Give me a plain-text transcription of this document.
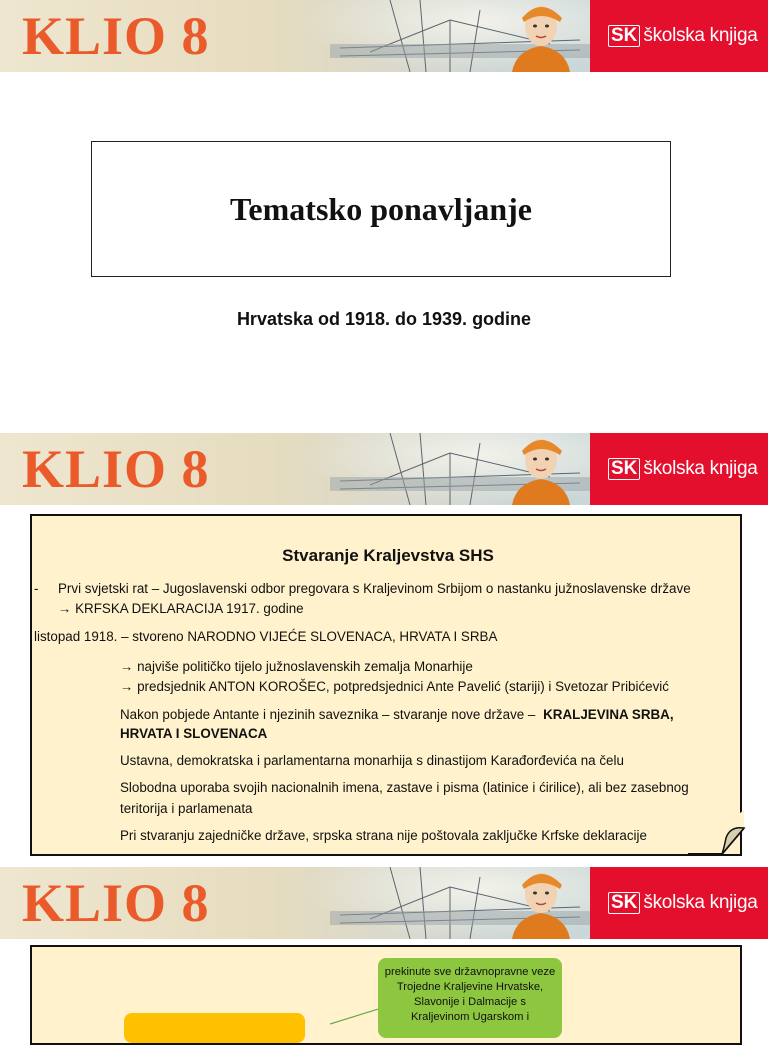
KLIO 8	SK školska knjiga
Tematsko ponavljanje
Hrvatska od 1918. do 1939. godine
KLIO 8	SK školska knjiga
Stvaranje Kraljevstva SHS
- Prvi svjetski rat – Jugoslavenski odbor pregovara s Kraljevinom Srbijom o nastanku južnoslavenske države
→ KRFSKA DEKLARACIJA 1917. godine
listopad 1918. – stvoreno NARODNO VIJEĆE SLOVENACA, HRVATA I SRBA
→ najviše političko tijelo južnoslavenskih zemalja Monarhije
→ predsjednik ANTON KOROŠEC, potpredsjednici Ante Pavelić (stariji) i Svetozar Pribićević
Nakon pobjede Antante i njezinih saveznika – stvaranje nove države – KRALJEVINA SRBA,
HRVATA I SLOVENACA
Ustavna, demokratska i parlamentarna monarhija s dinastijom Karađorđevića na čelu
Slobodna uporaba svojih nacionalnih imena, zastave i pisma (latinice i ćirilice), ali bez zasebnog
teritorija i parlamenata
Pri stvaranju zajedničke države, srpska strana nije poštovala zaključke Krfske deklaracije
KLIO 8	SK školska knjiga
prekinute sve državnopravne veze Trojedne Kraljevine Hrvatske, Slavonije i Dalmacije s Kraljevinom Ugarskom i
